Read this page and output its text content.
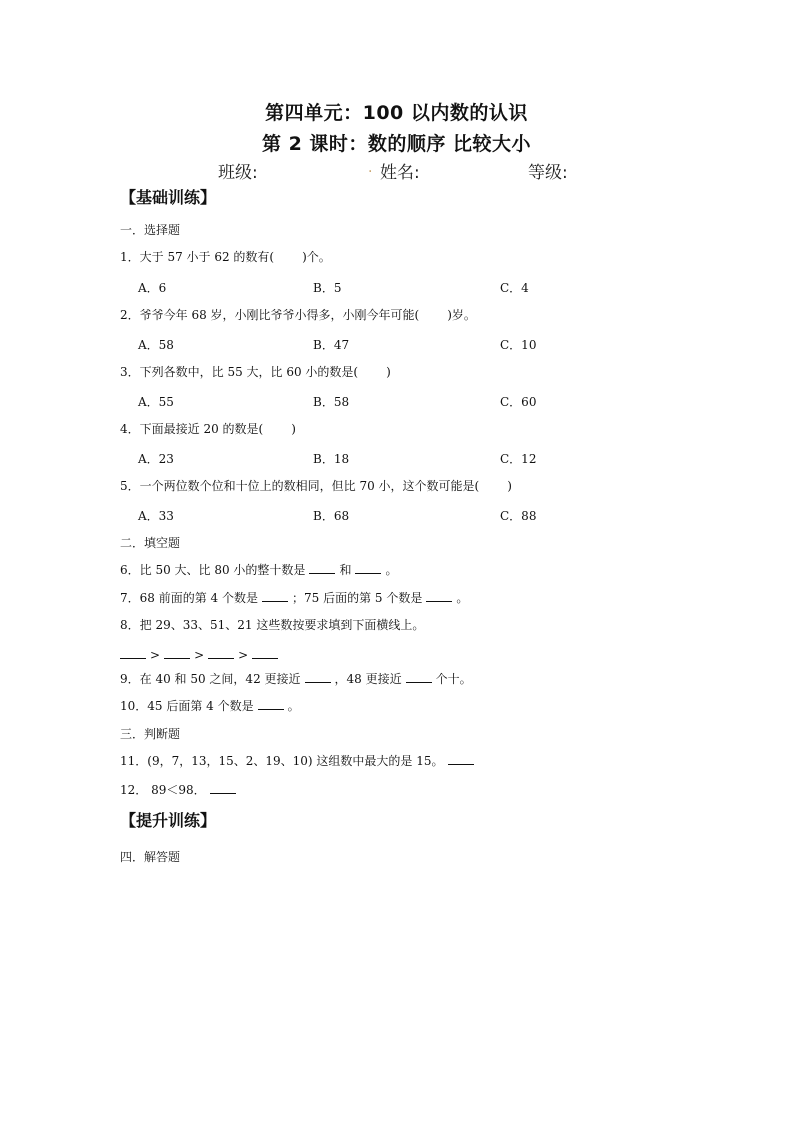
第四单元：100 以内数的认识
第 2 课时：数的顺序 比较大小
班级:	. 姓名:	等级:
【基础训练】
一．选择题
1．大于 57 小于 62 的数有( )个。
A．6	B．5	C．4
2．爷爷今年 68 岁，小刚比爷爷小得多，小刚今年可能( )岁。
A．58	B．47	C．10
3．下列各数中，比 55 大，比 60 小的数是( )
A．55	B．58	C．60
4．下面最接近 20 的数是( )
A．23	B．18	C．12
5．一个两位数个位和十位上的数相同，但比 70 小，这个数可能是( )
A．33	B．68	C．88
二．填空题
6．比 50 大、比 80 小的整十数是	和	。
7．68 前面的第 4 个数是	；75 后面的第 5 个数是	。
8．把 29、33、51、21 这些数按要求填到下面横线上。
>	>	>
9．在 40 和 50 之间，42 更接近	，48 更接近	个十。
10．45 后面第 4 个数是	。
三．判断题
11．(9，7，13，15、2、19、10) 这组数中最大的是 15。
12． 89＜98．
【提升训练】
四．解答题
